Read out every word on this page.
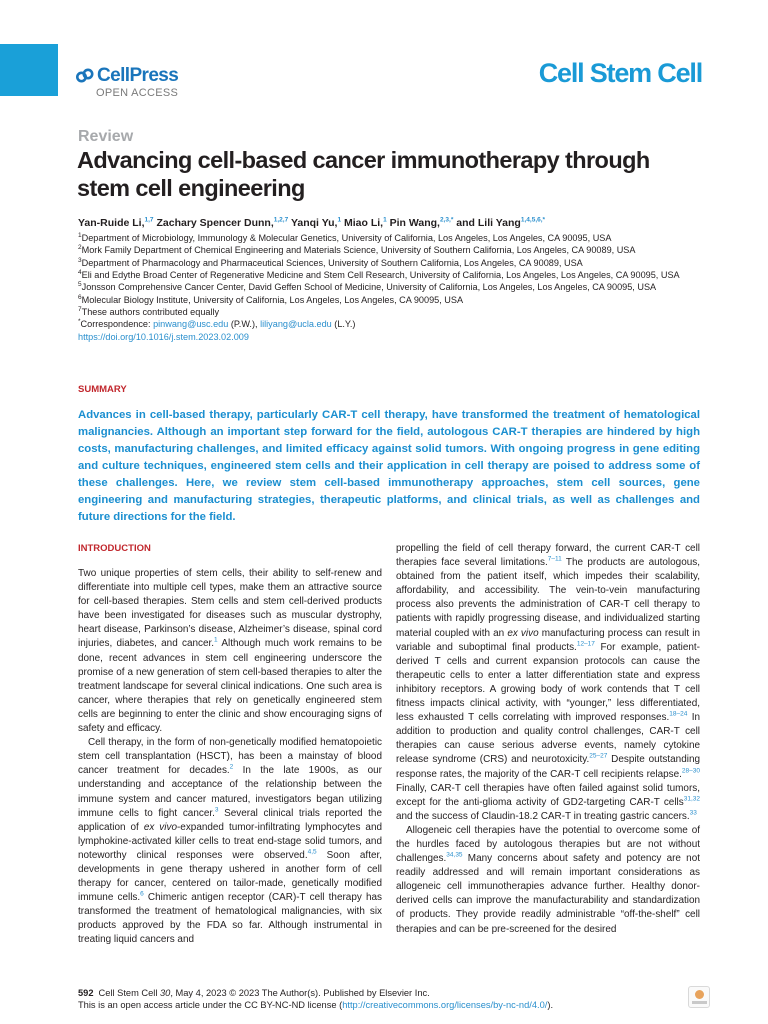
CellPress
OPEN ACCESS
Cell Stem Cell
Review
Advancing cell-based cancer immunotherapy through stem cell engineering
Yan-Ruide Li,$^{1,7}$ Zachary Spencer Dunn,$^{1,2,7}$ Yanqi Yu,$^1$ Miao Li,$^1$ Pin Wang,$^{2,3,*}$ and Lili Yang$^{1,4,5,6,*}$

$^1$Department of Microbiology, Immunology & Molecular Genetics, University of California, Los Angeles, Los Angeles, CA 90095, USA

$^2$Mork Family Department of Chemical Engineering and Materials Science, University of Southern California, Los Angeles, CA 90089, USA

$^3$Department of Pharmacology and Pharmaceutical Sciences, University of Southern California, Los Angeles, CA 90089, USA

$^4$Eli and Edythe Broad Center of Regenerative Medicine and Stem Cell Research, University of California, Los Angeles, Los Angeles, CA 90095, USA

$^5$Jonsson Comprehensive Cancer Center, David Geffen School of Medicine, University of California, Los Angeles, Los Angeles, CA 90095, USA

$^6$Molecular Biology Institute, University of California, Los Angeles, Los Angeles, CA 90095, USA

$^7$These authors contributed equally

*Correspondence: pinwang@usc.edu (P.W.), liliyang@ucla.edu (L.Y.)

https://doi.org/10.1016/j.stem.2023.02.009

SUMMARY
Advances in cell-based therapy, particularly CAR-T cell therapy, have transformed the treatment of hematological malignancies. Although an important step forward for the field, autologous CAR-T therapies are hindered by high costs, manufacturing challenges, and limited efficacy against solid tumors. With ongoing progress in gene editing and culture techniques, engineered stem cells and their application in cell therapy are poised to address some of these challenges. Here, we review stem cell-based immunotherapy approaches, stem cell sources, gene engineering and manufacturing strategies, therapeutic platforms, and clinical trials, as well as challenges and future directions for the field.

INTRODUCTION

Two unique properties of stem cells, their ability to self-renew and differentiate into multiple cell types, make them an attractive source for cell-based therapies. Stem cells and stem cell-derived products have been investigated for diseases such as muscular dystrophy, heart disease, Parkinson’s disease, Alzheimer’s disease, spinal cord injuries, diabetes, and cancer.$^1$ Although much work remains to be done, recent advances in stem cell engineering underscore the promise of a new generation of stem cell-based therapies to alter the treatment landscape for several clinical indications. One such area is cancer, where therapies that rely on genetically engineered stem cells are beginning to enter the clinic and show encouraging signs of safety and efficacy.

Cell therapy, in the form of non-genetically modified hematopoietic stem cell transplantation (HSCT), has been a mainstay of blood cancer treatment for decades.$^2$ In the late 1900s, as our understanding and acceptance of the relationship between the immune system and cancer matured, investigators began utilizing immune cells to fight cancer.$^3$ Several clinical trials reported the application of ex vivo-expanded tumor-infiltrating lymphocytes and lymphokine-activated killer cells to treat end-stage solid tumors, and noteworthy clinical responses were observed.$^{4,5}$ Soon after, developments in gene therapy ushered in another form of cell therapy for cancer, centered on tailor-made, genetically modified immune cells.$^6$ Chimeric antigen receptor (CAR)-T cell therapy has transformed the treatment of hematological malignancies, with six products approved by the FDA so far. Although instrumental in treating liquid cancers and

propelling the field of cell therapy forward, the current CAR-T cell therapies face several limitations.$^{7-11}$ The products are autologous, obtained from the patient itself, which impedes their scalability, affordability, and accessibility. The vein-to-vein manufacturing process also prevents the administration of CAR-T cell therapy to patients with rapidly progressing disease, and individualized starting material coupled with an ex vivo manufacturing process can result in variable and suboptimal final products.$^{12-17}$ For example, patient-derived T cells and current expansion protocols can cause the therapeutic cells to enter a latter differentiation state and express inhibitory receptors. A growing body of work contends that T cell fitness impacts clinical activity, with “younger,” less differentiated, less exhausted T cells correlating with improved responses.$^{18-24}$ In addition to production and quality control challenges, CAR-T cell therapies can cause serious adverse events, namely cytokine release syndrome (CRS) and neurotoxicity.$^{25-27}$ Despite outstanding response rates, the majority of the CAR-T cell recipients relapse.$^{28-30}$ Finally, CAR-T cell therapies have often failed against solid tumors, except for the anti-glioma activity of GD2-targeting CAR-T cells$^{31,32}$ and the success of Claudin-18.2 CAR-T in treating gastric cancers.$^{33}$

Allogeneic cell therapies have the potential to overcome some of the hurdles faced by autologous therapies but are not without challenges.$^{34,35}$ Many concerns about safety and potency are not readily addressed and will remain important considerations as allogeneic cell immunotherapies advance further. Healthy donor-derived cells can improve the manufacturability and standardization of products. They provide readily administrable “off-the-shelf” cell therapies and can be pre-screened for the desired

592 Cell Stem Cell 30, May 4, 2023 © 2023 The Author(s). Published by Elsevier Inc.
This is an open access article under the CC BY-NC-ND license (http://creativecommons.org/licenses/by-nc-nd/4.0/).
